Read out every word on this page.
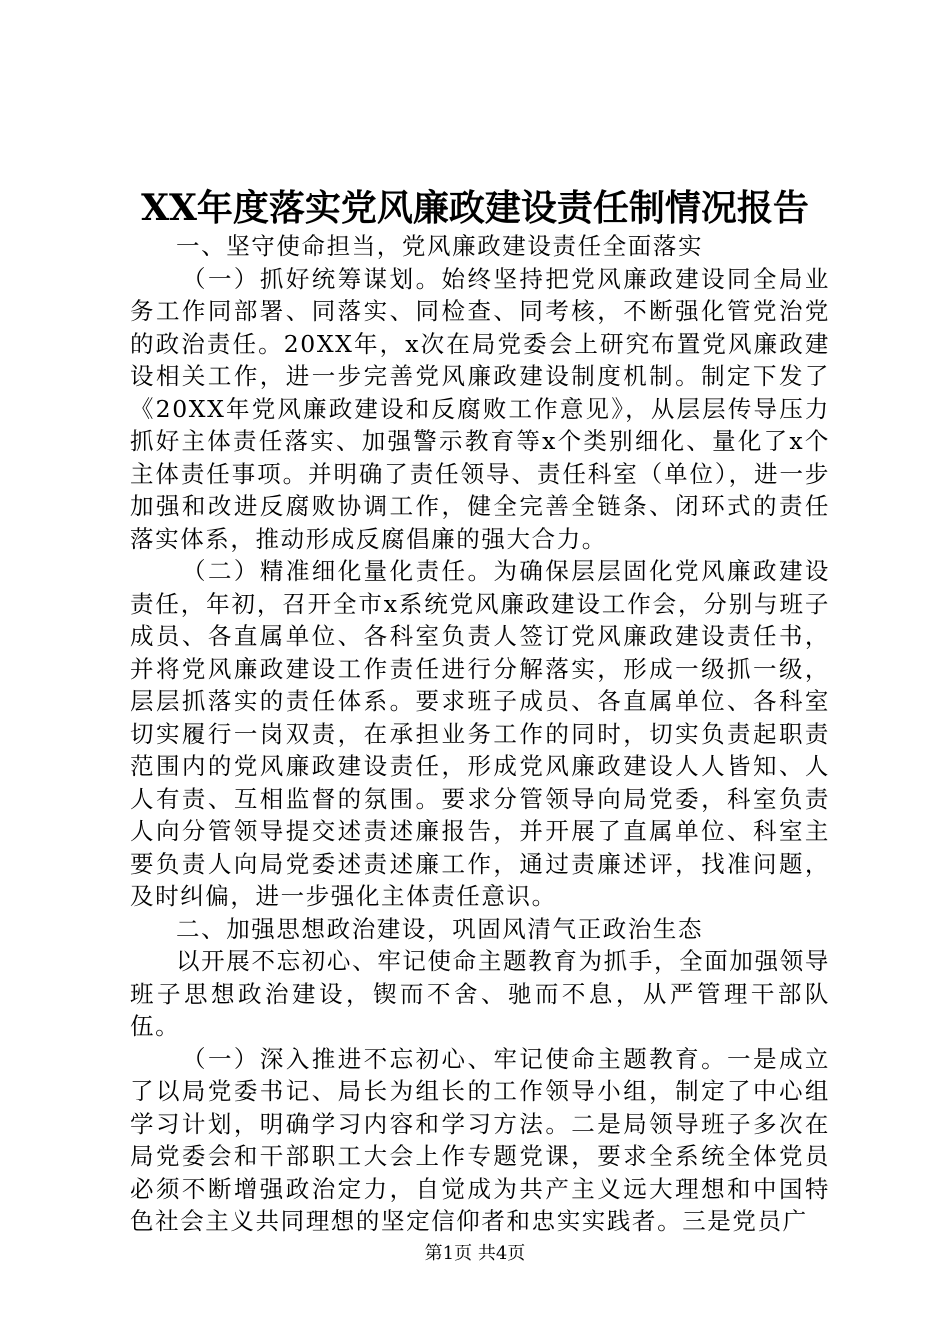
XX年度落实党风廉政建设责任制情况报告

一、坚守使命担当，党风廉政建设责任全面落实

（一）抓好统筹谋划。始终坚持把党风廉政建设同全局业务工作同部署、同落实、同检查、同考核，不断强化管党治党的政治责任。20XX年，x次在局党委会上研究布置党风廉政建设相关工作，进一步完善党风廉政建设制度机制。制定下发了《20XX年党风廉政建设和反腐败工作意见》，从层层传导压力抓好主体责任落实、加强警示教育等x个类别细化、量化了x个主体责任事项。并明确了责任领导、责任科室（单位），进一步加强和改进反腐败协调工作，健全完善全链条、闭环式的责任落实体系，推动形成反腐倡廉的强大合力。

（二）精准细化量化责任。为确保层层固化党风廉政建设责任，年初，召开全市x系统党风廉政建设工作会，分别与班子成员、各直属单位、各科室负责人签订党风廉政建设责任书，并将党风廉政建设工作责任进行分解落实，形成一级抓一级，层层抓落实的责任体系。要求班子成员、各直属单位、各科室切实履行一岗双责，在承担业务工作的同时，切实负责起职责范围内的党风廉政建设责任，形成党风廉政建设人人皆知、人人有责、互相监督的氛围。要求分管领导向局党委，科室负责人向分管领导提交述责述廉报告，并开展了直属单位、科室主要负责人向局党委述责述廉工作，通过责廉述评，找准问题，及时纠偏，进一步强化主体责任意识。

二、加强思想政治建设，巩固风清气正政治生态

以开展不忘初心、牢记使命主题教育为抓手，全面加强领导班子思想政治建设，锲而不舍、驰而不息，从严管理干部队伍。

（一）深入推进不忘初心、牢记使命主题教育。一是成立了以局党委书记、局长为组长的工作领导小组，制定了中心组学习计划，明确学习内容和学习方法。二是局领导班子多次在局党委会和干部职工大会上作专题党课，要求全系统全体党员必须不断增强政治定力，自觉成为共产主义远大理想和中国特色社会主义共同理想的坚定信仰者和忠实实践者。三是党员广

第1页 共4页
